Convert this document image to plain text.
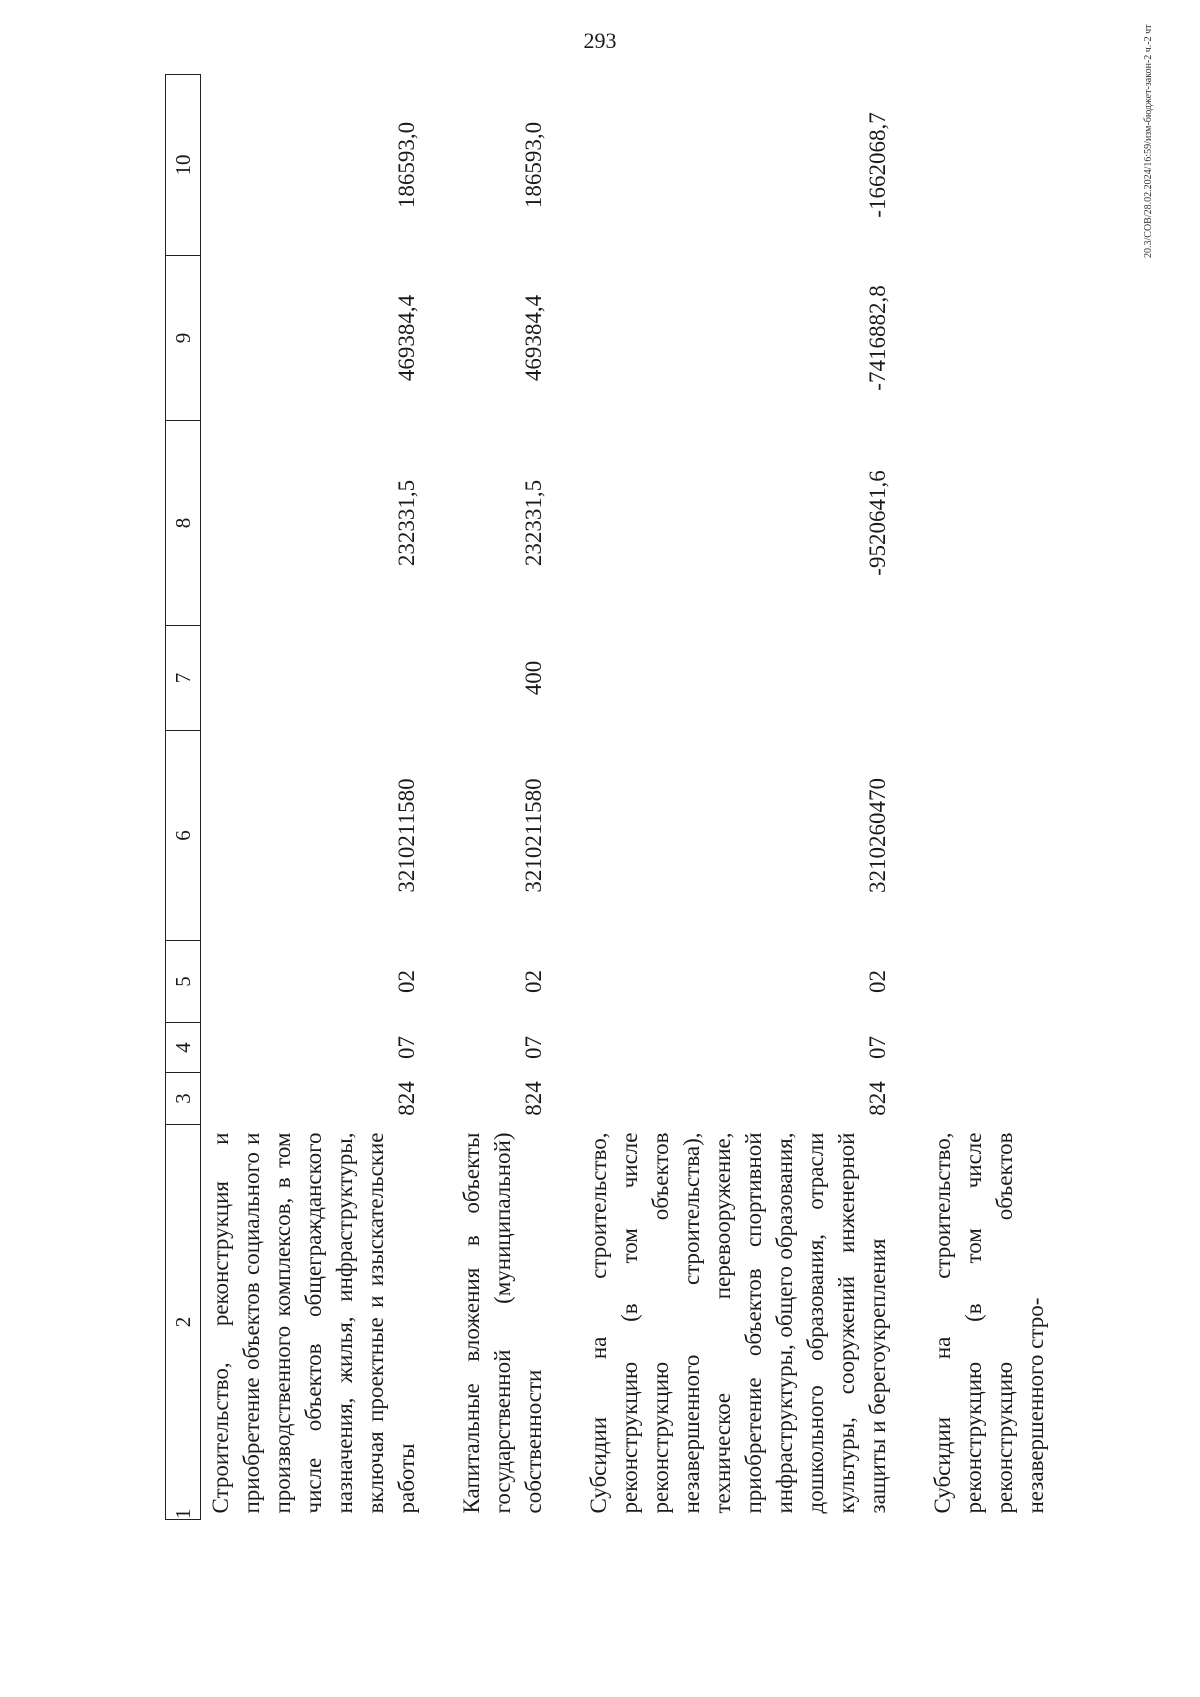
293	20.3/СОВ/28.02.2024/16:59/изм-бюджет-закон-2 ч.-2 чт
1	2	3	4	5	6	7	8	9	10
	Строительство, реконструкция и приобретение объектов социального и производственного комплексов, в том числе объектов общегражданского назначения, жилья, инфраструктуры, включая проектные и изыскательские работы	824	07	02	3210211580		232331,5	469384,4	186593,0

	Капитальные вложения в объекты государственной (муниципальной) собственности	824	07	02	3210211580	400	232331,5	469384,4	186593,0

	Субсидии на строительство, реконструкцию (в том числе реконструкцию объектов незавершенного строительства), техническое перевооружение, приобретение объектов спортивной инфраструктуры, общего образования, дошкольного образования, отрасли культуры, сооружений инженерной защиты и берегоукрепления	824	07	02	3210260470		-9520641,6	-7416882,8	-1662068,7

	Субсидии на строительство, реконструкцию (в том числе реконструкцию объектов незавершенного стро-								
